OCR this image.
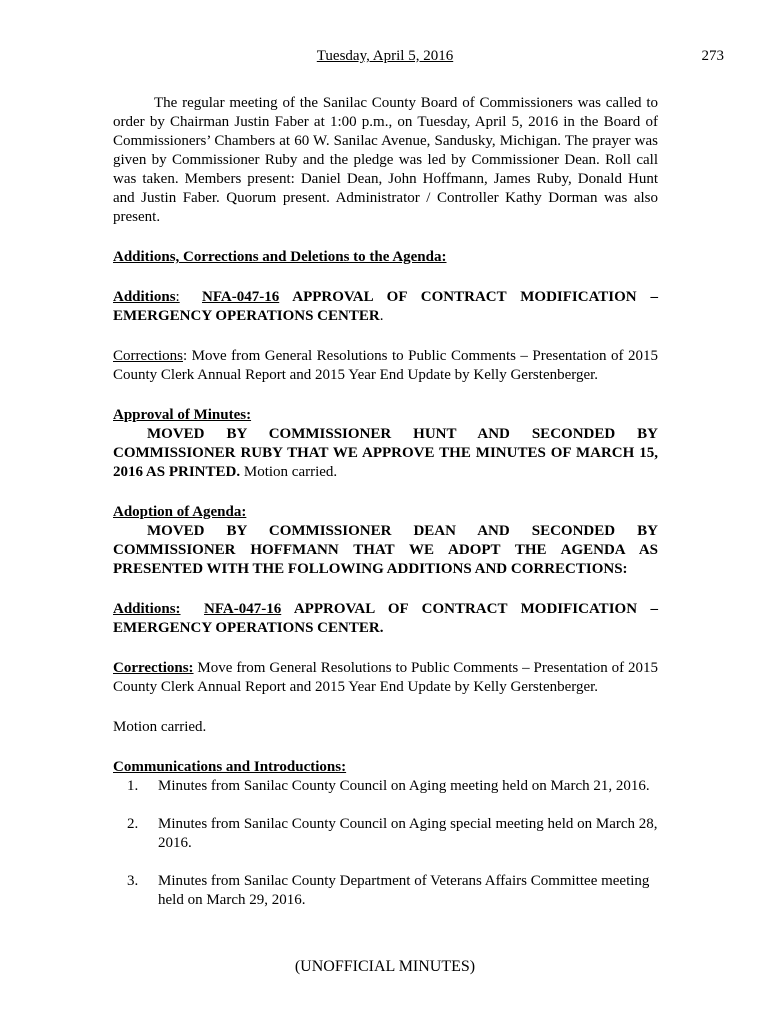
Tuesday, April 5, 2016	273

The regular meeting of the Sanilac County Board of Commissioners was called to order by Chairman Justin Faber at 1:00 p.m., on Tuesday, April 5, 2016 in the Board of Commissioners’ Chambers at 60 W. Sanilac Avenue, Sandusky, Michigan. The prayer was given by Commissioner Ruby and the pledge was led by Commissioner Dean. Roll call was taken. Members present: Daniel Dean, John Hoffmann, James Ruby, Donald Hunt and Justin Faber. Quorum present. Administrator / Controller Kathy Dorman was also present.

Additions, Corrections and Deletions to the Agenda:

Additions: NFA-047-16 APPROVAL OF CONTRACT MODIFICATION – EMERGENCY OPERATIONS CENTER.

Corrections: Move from General Resolutions to Public Comments – Presentation of 2015 County Clerk Annual Report and 2015 Year End Update by Kelly Gerstenberger.

Approval of Minutes:

MOVED BY COMMISSIONER HUNT AND SECONDED BY COMMISSIONER RUBY THAT WE APPROVE THE MINUTES OF MARCH 15, 2016 AS PRINTED. Motion carried.

Adoption of Agenda:

MOVED BY COMMISSIONER DEAN AND SECONDED BY COMMISSIONER HOFFMANN THAT WE ADOPT THE AGENDA AS PRESENTED WITH THE FOLLOWING ADDITIONS AND CORRECTIONS:

Additions: NFA-047-16 APPROVAL OF CONTRACT MODIFICATION – EMERGENCY OPERATIONS CENTER.

Corrections: Move from General Resolutions to Public Comments – Presentation of 2015 County Clerk Annual Report and 2015 Year End Update by Kelly Gerstenberger.

Motion carried.

Communications and Introductions:

1. Minutes from Sanilac County Council on Aging meeting held on March 21, 2016.
2. Minutes from Sanilac County Council on Aging special meeting held on March 28, 2016.
3. Minutes from Sanilac County Department of Veterans Affairs Committee meeting held on March 29, 2016.
(UNOFFICIAL MINUTES)
